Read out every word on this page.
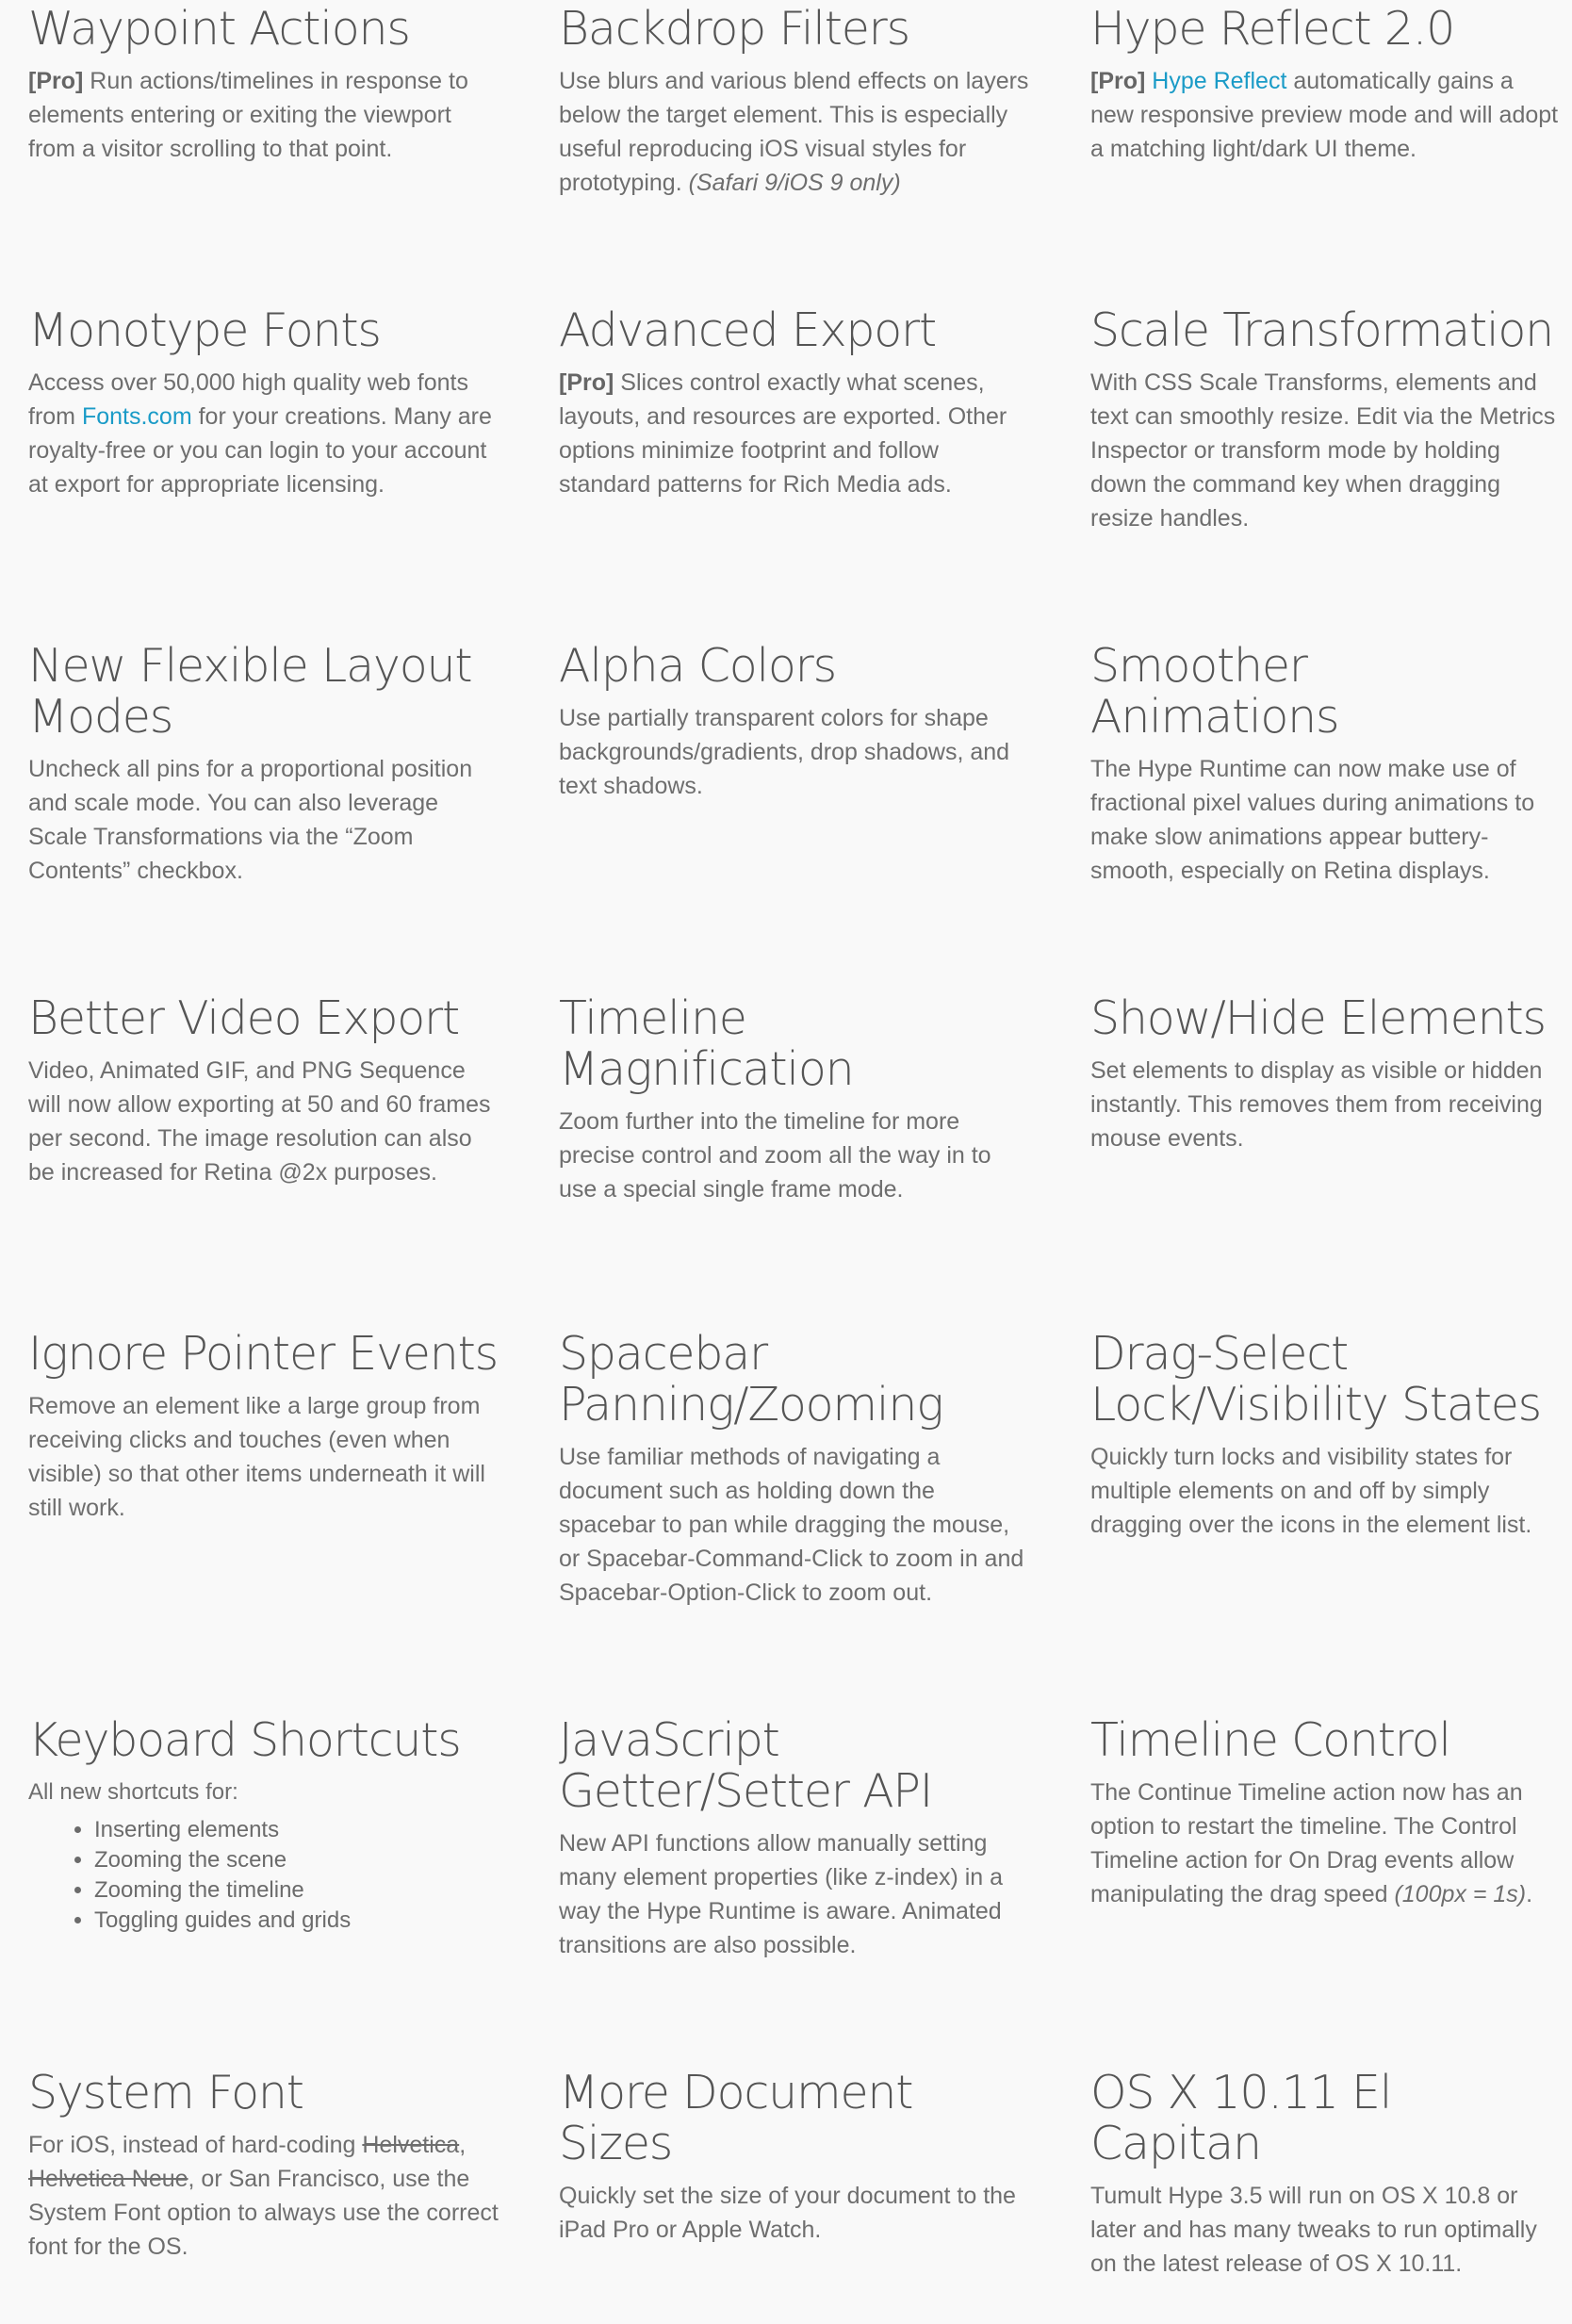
Waypoint Actions
[Pro] Run actions/timelines in response to elements entering or exiting the viewport from a visitor scrolling to that point.
Backdrop Filters
Use blurs and various blend effects on layers below the target element. This is especially useful reproducing iOS visual styles for prototyping. (Safari 9/iOS 9 only)
Hype Reflect 2.0
[Pro] Hype Reflect automatically gains a new responsive preview mode and will adopt a matching light/dark UI theme.
Monotype Fonts
Access over 50,000 high quality web fonts from Fonts.com for your creations. Many are royalty-free or you can login to your account at export for appropriate licensing.
Advanced Export
[Pro] Slices control exactly what scenes, layouts, and resources are exported. Other options minimize footprint and follow standard patterns for Rich Media ads.
Scale Transformation
With CSS Scale Transforms, elements and text can smoothly resize. Edit via the Metrics Inspector or transform mode by holding down the command key when dragging resize handles.
New Flexible Layout
Modes
Uncheck all pins for a proportional position and scale mode. You can also leverage Scale Transformations via the “Zoom Contents” checkbox.
Alpha Colors
Use partially transparent colors for shape backgrounds/gradients, drop shadows, and text shadows.
Smoother Animations
The Hype Runtime can now make use of fractional pixel values during animations to make slow animations appear buttery-smooth, especially on Retina displays.
Better Video Export
Video, Animated GIF, and PNG Sequence will now allow exporting at 50 and 60 frames per second. The image resolution can also be increased for Retina @2x purposes.
Timeline
Magnification
Zoom further into the timeline for more precise control and zoom all the way in to use a special single frame mode.
Show/Hide Elements
Set elements to display as visible or hidden instantly. This removes them from receiving mouse events.
Ignore Pointer Events
Remove an element like a large group from receiving clicks and touches (even when visible) so that other items underneath it will still work.
Spacebar
Panning/Zooming
Use familiar methods of navigating a document such as holding down the spacebar to pan while dragging the mouse, or Spacebar-Command-Click to zoom in and Spacebar-Option-Click to zoom out.
Drag-Select
Lock/Visibility States
Quickly turn locks and visibility states for multiple elements on and off by simply dragging over the icons in the element list.
Keyboard Shortcuts
All new shortcuts for:
• Inserting elements
• Zooming the scene
• Zooming the timeline
• Toggling guides and grids
JavaScript
Getter/Setter API
New API functions allow manually setting many element properties (like z-index) in a way the Hype Runtime is aware. Animated transitions are also possible.
Timeline Control
The Continue Timeline action now has an option to restart the timeline. The Control Timeline action for On Drag events allow manipulating the drag speed (100px = 1s).
System Font
For iOS, instead of hard-coding Helvetica,
Helvetica Neue, or San Francisco, use the System Font option to always use the correct font for the OS.
More Document Sizes
Quickly set the size of your document to the iPad Pro or Apple Watch.
OS X 10.11 El Capitan
Tumult Hype 3.5 will run on OS X 10.8 or later and has many tweaks to run optimally on the latest release of OS X 10.11.
